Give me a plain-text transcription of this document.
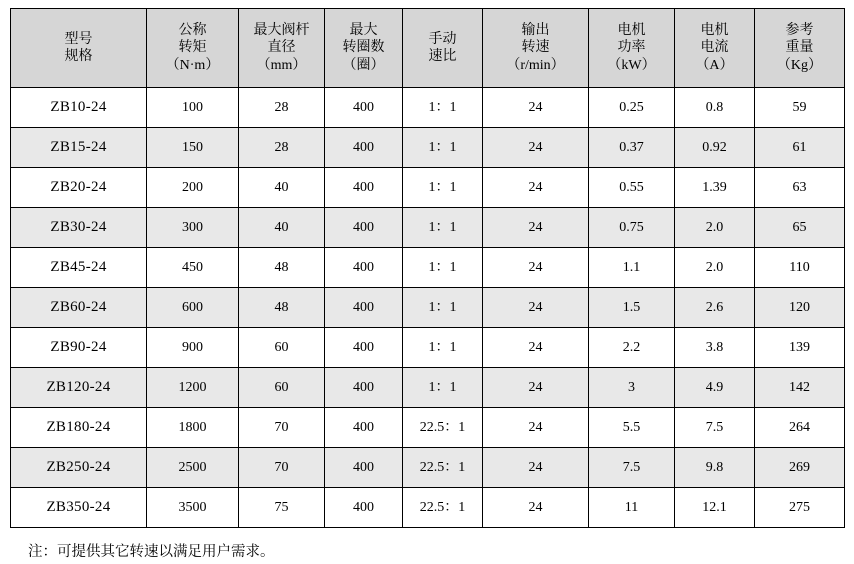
型号
规格	公称
转矩
（N·m）	最大阀杆
直径
（mm）	最大
转圈数
（圈）	手动
速比	输出
转速
（r/min）	电机
功率
（kW）	电机
电流
（A）	参考
重量
（Kg）

ZB10-24	100	28	400	1：1	24	0.25	0.8	59
ZB15-24	150	28	400	1：1	24	0.37	0.92	61
ZB20-24	200	40	400	1：1	24	0.55	1.39	63
ZB30-24	300	40	400	1：1	24	0.75	2.0	65
ZB45-24	450	48	400	1：1	24	1.1	2.0	110
ZB60-24	600	48	400	1：1	24	1.5	2.6	120
ZB90-24	900	60	400	1：1	24	2.2	3.8	139
ZB120-24	1200	60	400	1：1	24	3	4.9	142
ZB180-24	1800	70	400	22.5：1	24	5.5	7.5	264
ZB250-24	2500	70	400	22.5：1	24	7.5	9.8	269
ZB350-24	3500	75	400	22.5：1	24	11	12.1	275
注：可提供其它转速以满足用户需求。
